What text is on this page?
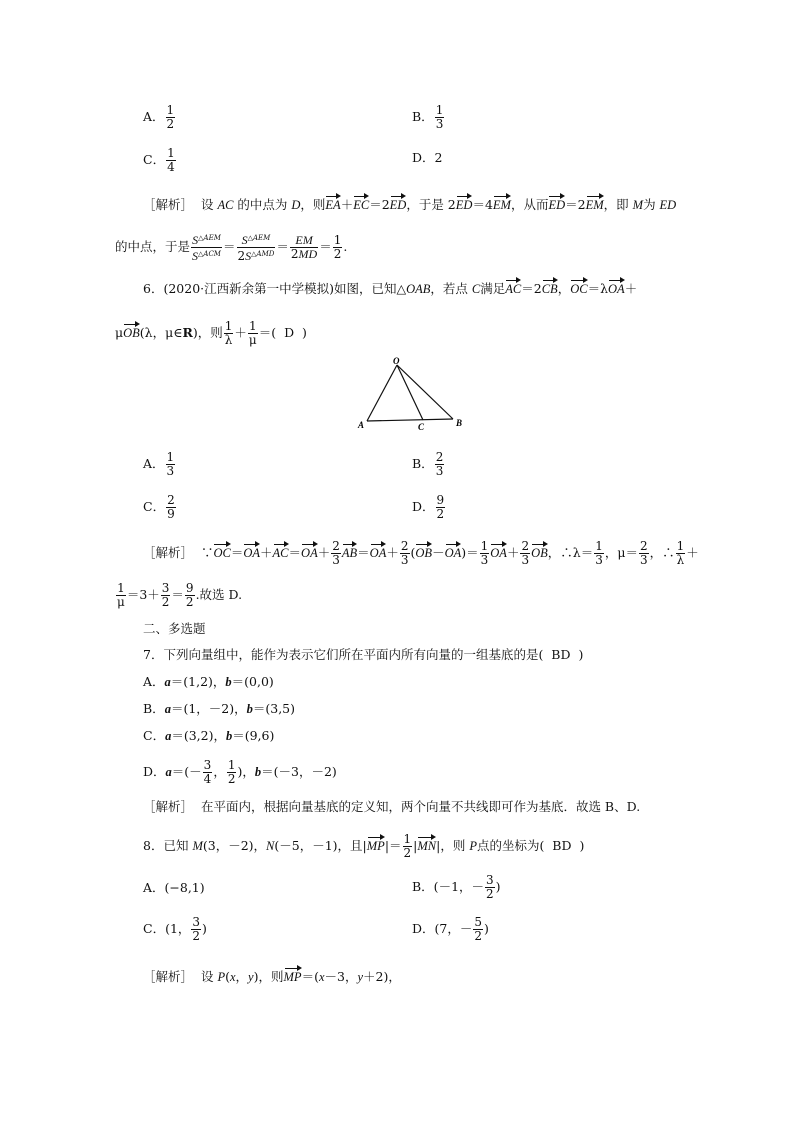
A． $\frac{1}{2}$	B． $\frac{1}{3}$
C． $\frac{1}{4}$	D．2
［解析］  设 AC 的中点为 D，则EA＋EC＝2ED，于是 2ED＝4EM，从而ED＝2EM，即 M为 ED
的中点，于是 $\frac{S^{\triangle AEM}}{S^{\triangle ACM}} = \frac{S^{\triangle AEM}}{2S^{\triangle AMD}} = \frac{EM}{2MD} = \frac{1}{2}$ .
6．(2020·江西新余第一中学模拟)如图，已知△OAB，若点 C满足AC＝2CB，OC＝λOA＋
μOB(λ，μ∈R)，则 $\frac{1}{\lambda} + \frac{1}{\mu}$ ＝(  D  )
O
A	C	B
A． $\frac{1}{3}$	B． $\frac{2}{3}$
C． $\frac{2}{9}$	D． $\frac{9}{2}$
［解析］  ∵OC＝OA＋AC＝OA＋ $\frac{2}{3} AB=OA+ \frac{2}{3} (OB-OA)= \frac{1}{3} OA+ \frac{2}{3}$ OB，∴λ＝ $\frac{1}{3}$ ，$\mu= \frac{2}{3}$ ，∴ $\frac{1}{\lambda}$ ＋
$\frac{1}{\mu} =3+ \frac{3}{2} = \frac{9}{2}$ .故选 D.
二、多选题
7．下列向量组中，能作为表示它们所在平面内所有向量的一组基底的是(  BD  )
A．a＝(1,2)，b＝(0,0)
B．a＝(1，－2)，b＝(3,5)
C．a＝(3,2)，b＝(9,6)
D．$a=(- \frac{3}{4}$ ， $\frac{1}{2}$ )，b＝(－3，－2)
［解析］  在平面内，根据向量基底的定义知，两个向量不共线即可作为基底．故选 B、D.
8．已知 M(3，－2)，N(－5，－1)，且$|MP|= \frac{1}{2} |MN|$，则 P点的坐标为(  BD  )
A．(−8,1)	B．(－1，－ $\frac{3}{2}$ )
C．(1， $\frac{3}{2}$ )	D．(7，－ $\frac{5}{2}$ )
［解析］  设 P(x，y)，则MP＝(x－3，y＋2)，
